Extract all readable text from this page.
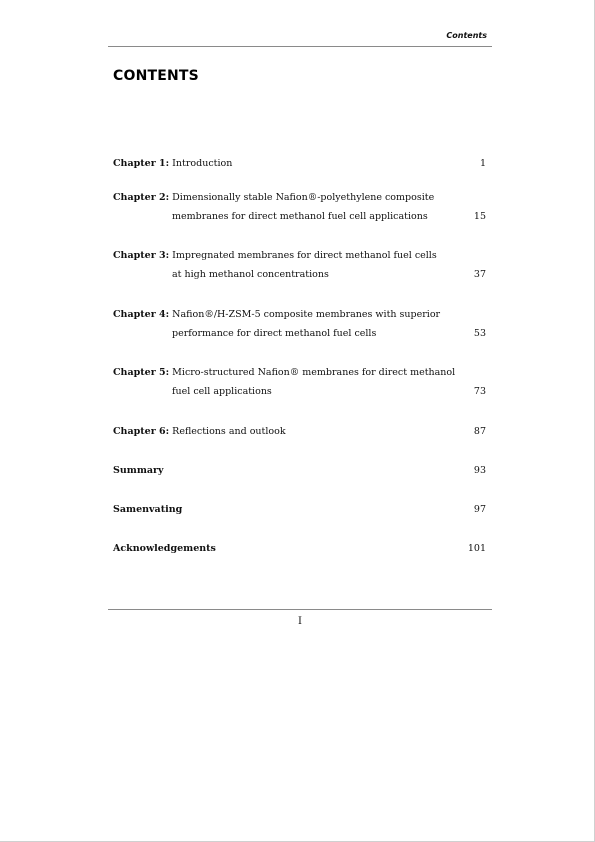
Contents
CONTENTS
Chapter 1: Introduction	1
Chapter 2: Dimensionally stable Nafion®-polyethylene composite
membranes for direct methanol fuel cell applications	15
Chapter 3: Impregnated membranes for direct methanol fuel cells
at high methanol concentrations	37
Chapter 4: Nafion®/H-ZSM-5 composite membranes with superior
performance for direct methanol fuel cells	53
Chapter 5: Micro-structured Nafion® membranes for direct methanol
fuel cell applications	73
Chapter 6: Reflections and outlook	87
Summary	93
Samenvating	97
Acknowledgements	101
I
